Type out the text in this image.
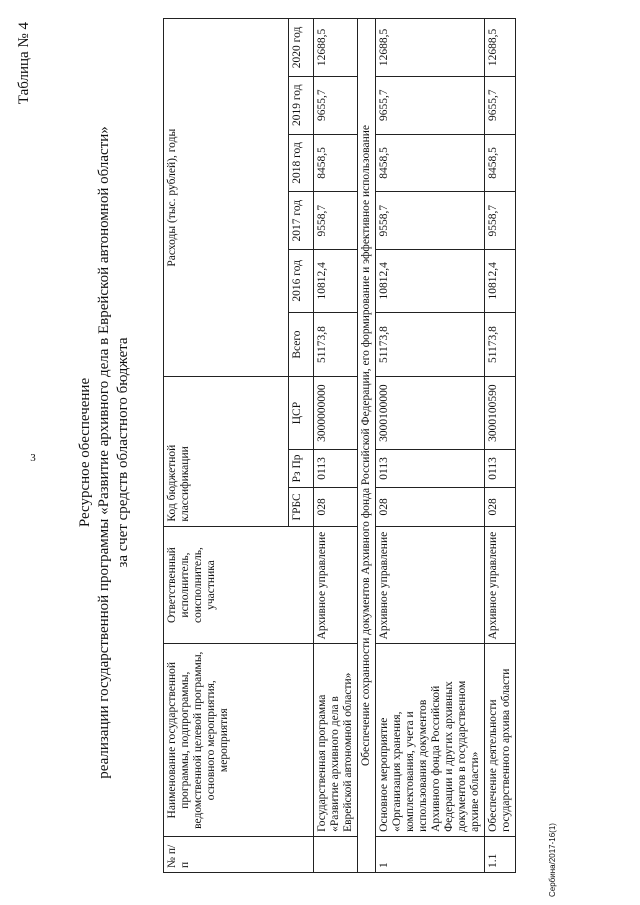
3
Таблица № 4
Ресурсное обеспечение реализации государственной программы «Развитие архивного дела в Еврейской автономной области» за счет средств областного бюджета
№ п/п	Наименование государственной программы, подпрограммы, ведомственной целевой программы, основного мероприятия, мероприятия	Ответственный исполнитель, соисполнитель, участника	Код бюджетной классификации			Расходы (тыс. рублей), годы					
			ГРБС	Рз Пр	ЦСР	Всего	2016 год	2017 год	2018 год	2019 год	2020 год
	Государственная программа «Развитие архивного дела в Еврейской автономной области»	Архивное управление	028	0113	3000000000	51173,8	10812,4	9558,7	8458,5	9655,7	12688,5
Обеспечение сохранности документов Архивного фонда Российской Федерации, его формирование и эффективное использование											
1	Основное мероприятие «Организация хранения, комплектования, учета и использования документов Архивного фонда Российской Федерации и других архивных документов в государственном архиве области»	Архивное управление	028	0113	3000100000	51173,8	10812,4	9558,7	8458,5	9655,7	12688,5
1.1	Обеспечение деятельности государственного архива области	Архивное управление	028	0113	3000100590	51173,8	10812,4	9558,7	8458,5	9655,7	12688,5
Сербина/2017-16(1)
